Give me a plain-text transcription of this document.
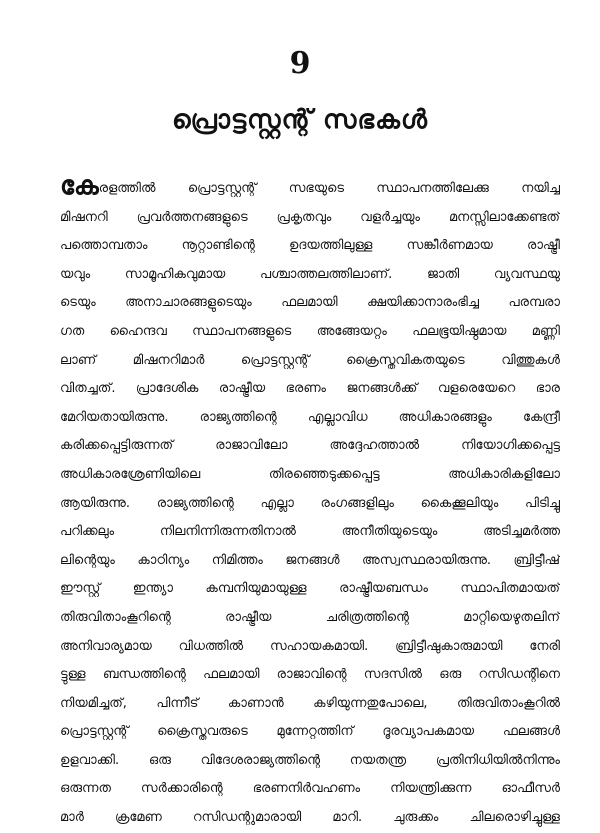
9
പ്രൊട്ടസ്റ്റന്റ് സഭകൾ
കേരളത്തിൽ പ്രൊട്ടസ്റ്റന്റ് സഭയുടെ സ്ഥാപനത്തിലേക്കു നയിച്ച
മിഷനറി പ്രവർത്തനങ്ങളുടെ പ്രകൃതവും വളർച്ചയും മനസ്സിലാക്കേണ്ടത്
പത്തൊമ്പതാം നൂറ്റാണ്ടിന്റെ ഉദയത്തിലുള്ള സങ്കീർണമായ രാഷ്ട്രീ
യവും സാമൂഹികവുമായ പശ്ചാത്തലത്തിലാണ്. ജാതി വ്യവസ്ഥയു
ടെയും അനാചാരങ്ങളുടെയും ഫലമായി ക്ഷയിക്കാനാരംഭിച്ച പരമ്പരാ
ഗത ഹൈന്ദവ സ്ഥാപനങ്ങളുടെ അങ്ങേയറ്റം ഫലഭൂയിഷ്ഠമായ മണ്ണി
ലാണ് മിഷനറിമാർ പ്രൊട്ടസ്റ്റന്റ് ക്രൈസ്തവികതയുടെ വിത്തുകൾ
വിതച്ചത്. പ്രാദേശിക രാഷ്ട്രീയ ഭരണം ജനങ്ങൾക്ക് വളരെയേറെ ഭാര
മേറിയതായിരുന്നു. രാജ്യത്തിന്റെ എല്ലാവിധ അധികാരങ്ങളും കേന്ദ്രീ
കരിക്കപ്പെട്ടിരുന്നത് രാജാവിലോ അദ്ദേഹത്താൽ നിയോഗിക്കപ്പെട്ട
അധികാരശ്രേണിയിലെ തിരഞ്ഞെടുക്കപ്പെട്ട അധികാരികളിലോ
ആയിരുന്നു. രാജ്യത്തിന്റെ എല്ലാ രംഗങ്ങളിലും കൈക്കൂലിയും പിടിച്ചു
പറിക്കലും നിലനിന്നിരുന്നതിനാൽ അനീതിയുടെയും അടിച്ചമർത്ത
ലിന്റെയും കാഠിന്യം നിമിത്തം ജനങ്ങൾ അസ്വസ്ഥരായിരുന്നു. ബ്രിട്ടീഷ്
ഈസ്റ്റ് ഇന്ത്യാ കമ്പനിയുമായുള്ള രാഷ്ട്രീയബന്ധം സ്ഥാപിതമായത്
തിരുവിതാംകൂറിന്റെ രാഷ്ട്രീയ ചരിത്രത്തിന്റെ മാറ്റിയെഴുതലിന്
അനിവാര്യമായ വിധത്തിൽ സഹായകമായി. ബ്രിട്ടീഷുകാരുമായി നേരി
ട്ടുള്ള ബന്ധത്തിന്റെ ഫലമായി രാജാവിന്റെ സദസിൽ ഒരു റസിഡന്റിനെ
നിയമിച്ചത്, പിന്നീട് കാണാൻ കഴിയുന്നതുപോലെ, തിരുവിതാംകൂറിൽ
പ്രൊട്ടസ്റ്റന്റ് ക്രൈസ്തവരുടെ മുന്നേറ്റത്തിന് ദൂരവ്യാപകമായ ഫലങ്ങൾ
ഉളവാക്കി. ഒരു വിദേശരാജ്യത്തിന്റെ നയതന്ത്ര പ്രതിനിധിയിൽനിന്നും
ഒരുന്നത സർക്കാരിന്റെ ഭരണനിർവഹണം നിയന്ത്രിക്കുന്ന ഓഫീസർ
മാർ ക്രമേണ റസിഡന്റുമാരായി മാറി. ചുരുക്കം ചിലരൊഴിച്ചുള്ള
